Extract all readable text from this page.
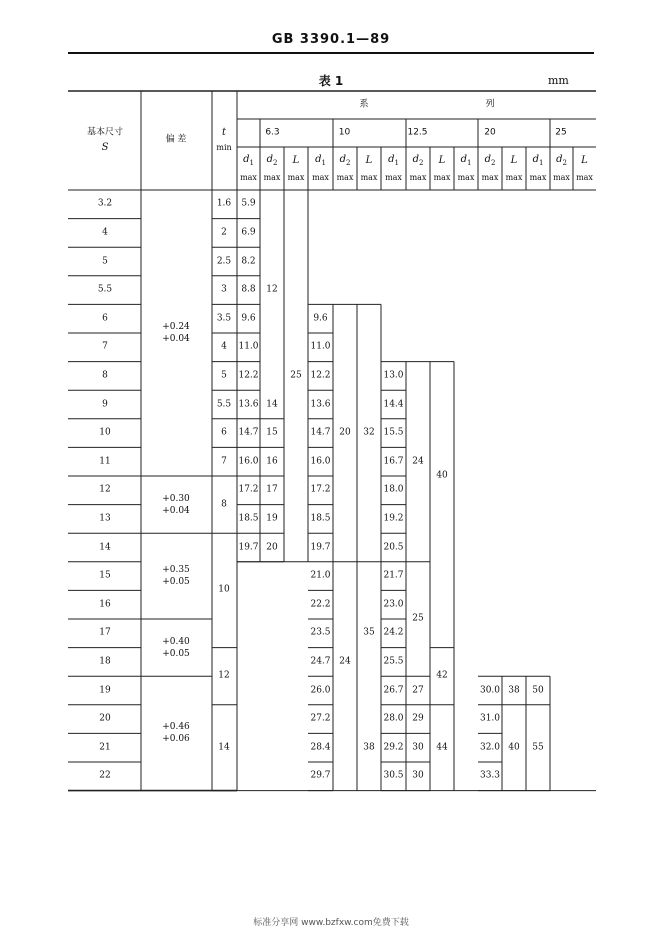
GB 3390.1—89
表 1	mm
基本尺寸
S
偏 差
t
min
系	列
6.3
$d_1$
max
$d_2$
max
L
max
10
$d_1$
max
$d_2$
max
L
max
12.5
$d_1$
max
$d_2$
max
L
max
20
$d_1$
max
$d_2$
max
L
max
25
$d_1$
max
$d_2$
max
L
max
3.2
4
5
5.5
6
7
8
9
10
11
12
13
14
15
16
17
18
19
20
21
22
+0.24
+0.04
+0.30
+0.04
+0.35
+0.05
+0.40
+0.05
+0.46
+0.06
1.6
2
2.5
3
3.5
4
5
5.5
6
7
8
10
12
14
5.9
6.9
8.2
8.8
9.6
11.0
12.2
13.6
14.7
16.0
17.2
18.5
19.7
12
14
15
16
17
19
20
25
9.6
11.0
12.2
13.6
14.7
16.0
17.2
18.5
19.7
21.0
22.2
23.5
24.7
26.0
27.2
28.4
29.7
20
24
32
35
38
13.0
14.4
15.5
16.7
18.0
19.2
20.5
21.7
23.0
24.2
25.5
26.7
28.0
29.2
30.5
24
25
27
29
30
30
40
42
44
30.0
31.0
32.0
33.3
38
40
50
55
标准分享网 www.bzfxw.com免费下载
